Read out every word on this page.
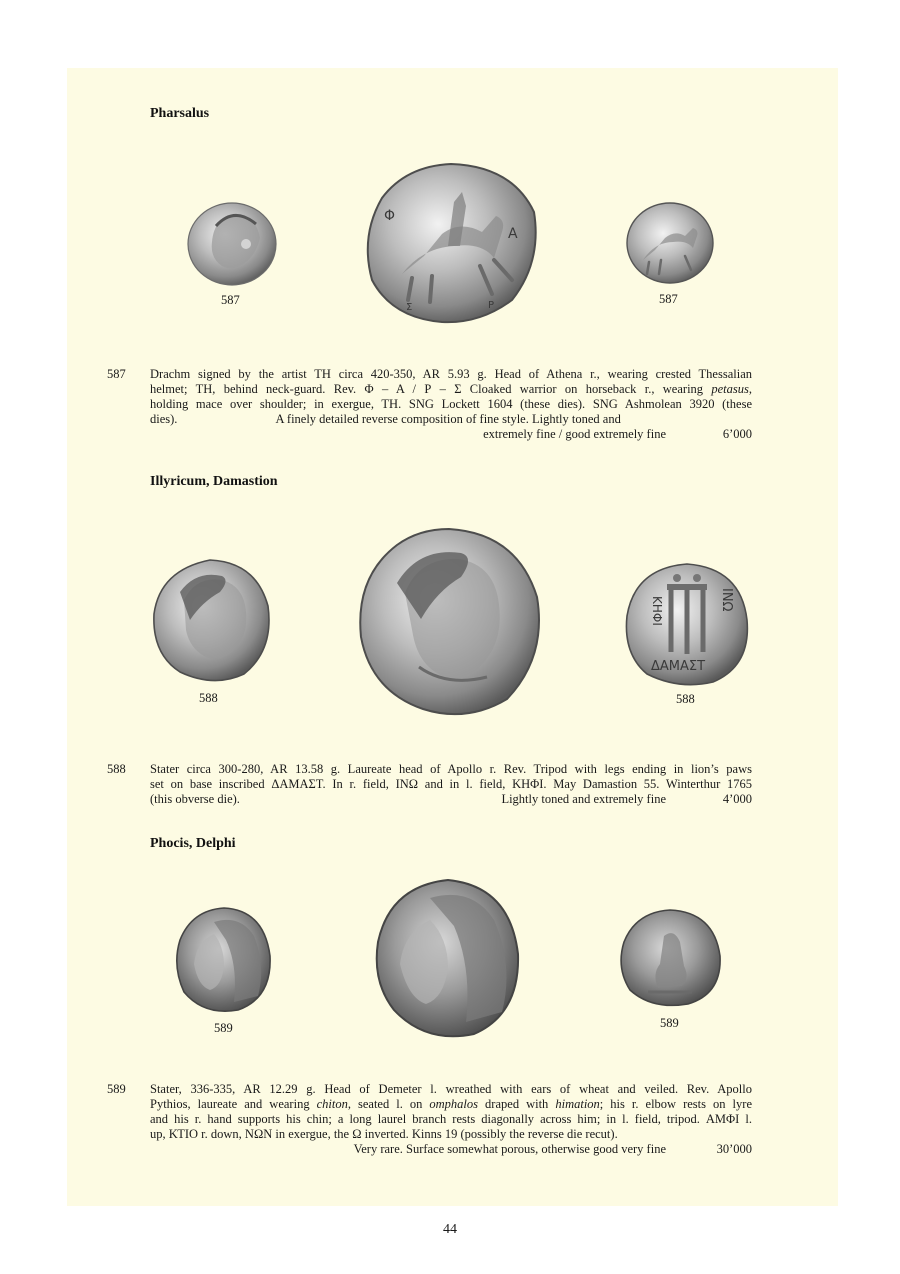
Pharsalus
Φ
Α
Σ	Ρ
587	587
587 Drachm signed by the artist TH circa 420-350, AR 5.93 g. Head of Athena r., wearing crested Thessalian

helmet; TH, behind neck-guard. Rev. Φ – Α / Ρ – Σ Cloaked warrior on horseback r., wearing petasus,

holding mace over shoulder; in exergue, TH. SNG Lockett 1604 (these dies). SNG Ashmolean 3920 (these

dies).	A finely detailed reverse composition of fine style. Lightly toned and

extremely fine / good extremely fine	6’000
Illyricum, Damastion
ΚΗΦΙ	ΙΝΩ
ΔΑΜΑΣΤ
588	588
588 Stater circa 300-280, AR 13.58 g. Laureate head of Apollo r. Rev. Tripod with legs ending in lion’s paws

set on base inscribed ΔΑΜΑΣΤ. In r. field, ΙΝΩ and in l. field, ΚΗΦΙ. May Damastion 55. Winterthur 1765

(this obverse die).	Lightly toned and extremely fine	4’000
Phocis, Delphi
589	589
589 Stater, 336-335, AR 12.29 g. Head of Demeter l. wreathed with ears of wheat and veiled. Rev. Apollo

Pythios, laureate and wearing chiton, seated l. on omphalos draped with himation; his r. elbow rests on lyre

and his r. hand supports his chin; a long laurel branch rests diagonally across him; in l. field, tripod. ΑΜΦΙ l.

up, ΚΤΙΟ r. down, ΝΩΝ in exergue, the Ω inverted. Kinns 19 (possibly the reverse die recut).

Very rare. Surface somewhat porous, otherwise good very fine	30’000
44
